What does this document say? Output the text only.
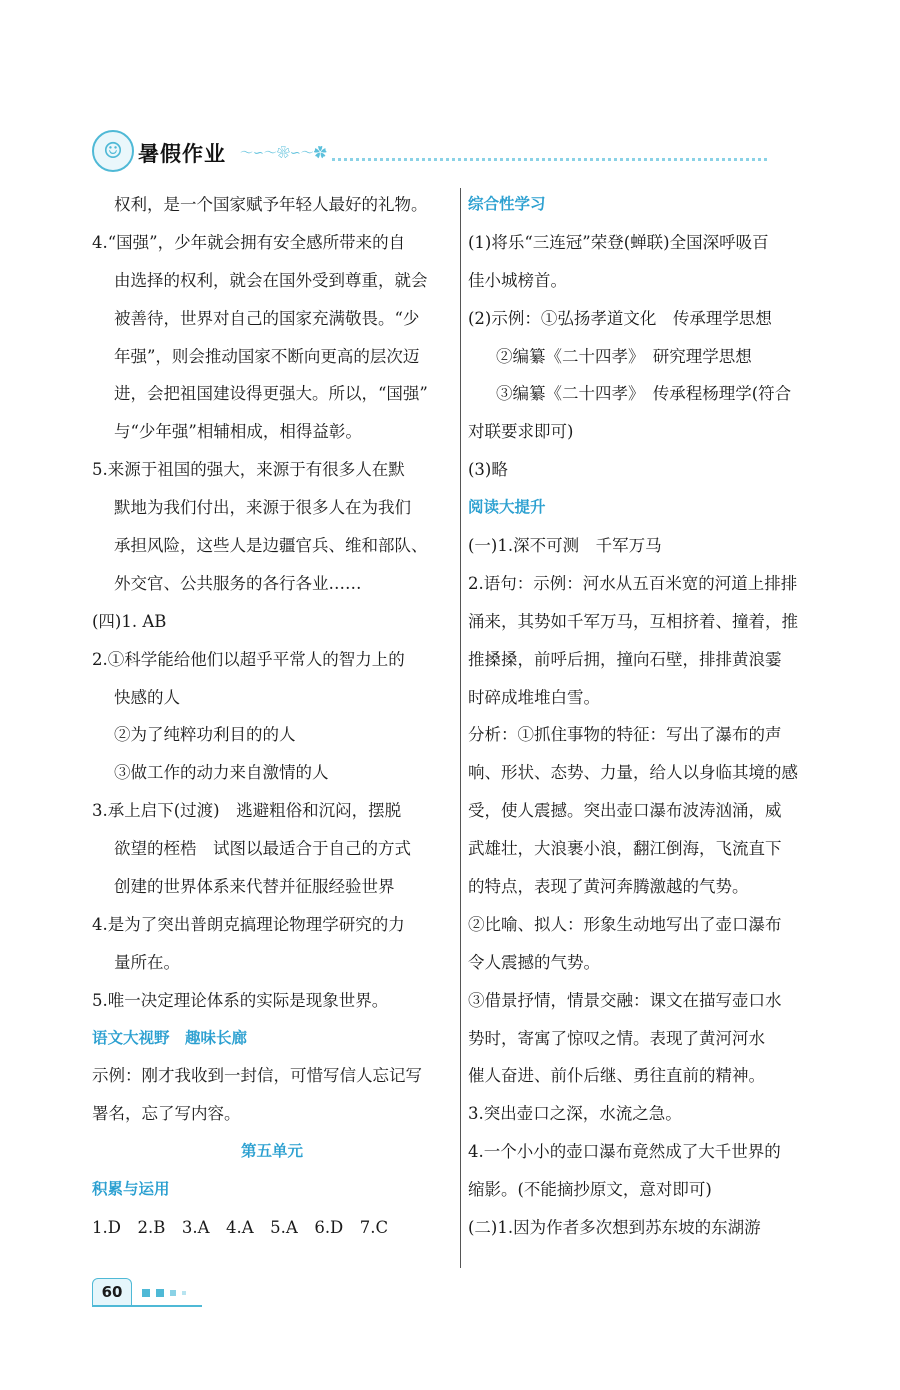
☺ 暑假作业 ～∽～❀∽～✿
权利，是一个国家赋予年轻人最好的礼物。
4.“国强”，少年就会拥有安全感所带来的自
由选择的权利，就会在国外受到尊重，就会
被善待，世界对自己的国家充满敬畏。“少
年强”，则会推动国家不断向更高的层次迈
进，会把祖国建设得更强大。所以，“国强”
与“少年强”相辅相成，相得益彰。
5.来源于祖国的强大，来源于有很多人在默
默地为我们付出，来源于很多人在为我们
承担风险，这些人是边疆官兵、维和部队、
外交官、公共服务的各行各业……
(四)1. AB
2.①科学能给他们以超乎平常人的智力上的
快感的人
②为了纯粹功利目的的人
③做工作的动力来自激情的人
3.承上启下(过渡)　逃避粗俗和沉闷，摆脱
欲望的桎梏　试图以最适合于自己的方式
创建的世界体系来代替并征服经验世界
4.是为了突出普朗克搞理论物理学研究的力
量所在。
5.唯一决定理论体系的实际是现象世界。
语文大视野　趣味长廊
示例：刚才我收到一封信，可惜写信人忘记写
署名，忘了写内容。
第五单元
积累与运用
1.D　2.B　3.A　4.A　5.A　6.D　7.C
综合性学习
(1)将乐“三连冠”荣登(蝉联)全国深呼吸百
佳小城榜首。
(2)示例：①弘扬孝道文化　传承理学思想
②编纂《二十四孝》　研究理学思想
③编纂《二十四孝》　传承程杨理学(符合
对联要求即可)
(3)略
阅读大提升
(一)1.深不可测　千军万马
2.语句：示例：河水从五百米宽的河道上排排
涌来，其势如千军万马，互相挤着、撞着，推
推搡搡，前呼后拥，撞向石壁，排排黄浪霎
时碎成堆堆白雪。
分析：①抓住事物的特征：写出了瀑布的声
响、形状、态势、力量，给人以身临其境的感
受，使人震撼。突出壶口瀑布波涛汹涌，威
武雄壮，大浪裹小浪，翻江倒海，飞流直下
的特点，表现了黄河奔腾激越的气势。
②比喻、拟人：形象生动地写出了壶口瀑布
令人震撼的气势。
③借景抒情，情景交融：课文在描写壶口水
势时，寄寓了惊叹之情。表现了黄河河水
催人奋进、前仆后继、勇往直前的精神。
3.突出壶口之深，水流之急。
4.一个小小的壶口瀑布竟然成了大千世界的
缩影。(不能摘抄原文，意对即可)
(二)1.因为作者多次想到苏东坡的东湖游
60
